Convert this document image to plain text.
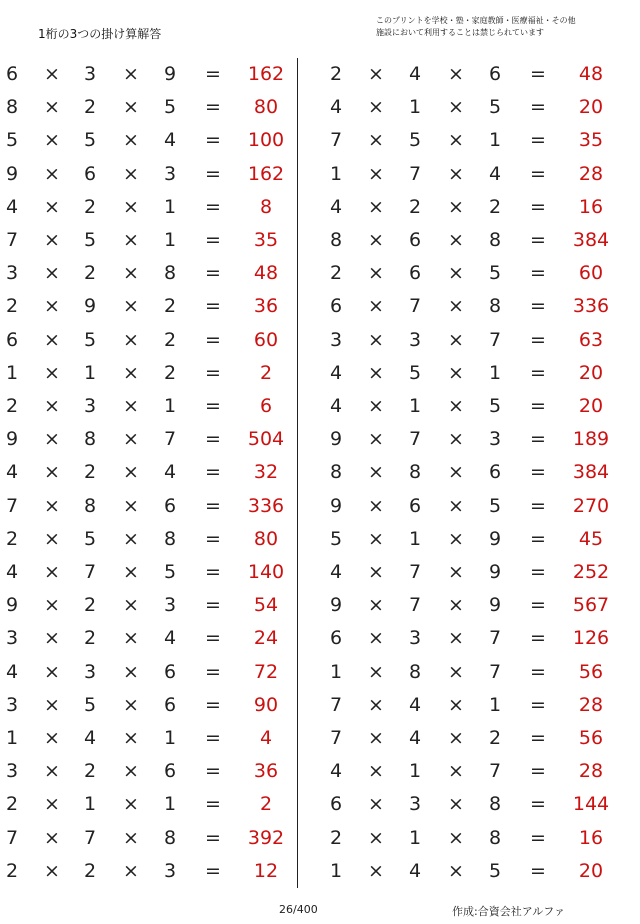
1桁の3つの掛け算解答
このプリントを学校・塾・家庭教師・医療福祉・その他
施設において利用することは禁じられています
6 × 3 × 9 =	162
8 × 2 × 5 =	80
5 × 5 × 4 =	100
9 × 6 × 3 =	162
4 × 2 × 1 =	8
7 × 5 × 1 =	35
3 × 2 × 8 =	48
2 × 9 × 2 =	36
6 × 5 × 2 =	60
1 × 1 × 2 =	2
2 × 3 × 1 =	6
9 × 8 × 7 =	504
4 × 2 × 4 =	32
7 × 8 × 6 =	336
2 × 5 × 8 =	80
4 × 7 × 5 =	140
9 × 2 × 3 =	54
3 × 2 × 4 =	24
4 × 3 × 6 =	72
3 × 5 × 6 =	90
1 × 4 × 1 =	4
3 × 2 × 6 =	36
2 × 1 × 1 =	2
7 × 7 × 8 =	392
2 × 2 × 3 =	12
2 × 4 × 6 =	48
4 × 1 × 5 =	20
7 × 5 × 1 =	35
1 × 7 × 4 =	28
4 × 2 × 2 =	16
8 × 6 × 8 =	384
2 × 6 × 5 =	60
6 × 7 × 8 =	336
3 × 3 × 7 =	63
4 × 5 × 1 =	20
4 × 1 × 5 =	20
9 × 7 × 3 =	189
8 × 8 × 6 =	384
9 × 6 × 5 =	270
5 × 1 × 9 =	45
4 × 7 × 9 =	252
9 × 7 × 9 =	567
6 × 3 × 7 =	126
1 × 8 × 7 =	56
7 × 4 × 1 =	28
7 × 4 × 2 =	56
4 × 1 × 7 =	28
6 × 3 × 8 =	144
2 × 1 × 8 =	16
1 × 4 × 5 =	20
26/400	作成:合資会社アルファ
